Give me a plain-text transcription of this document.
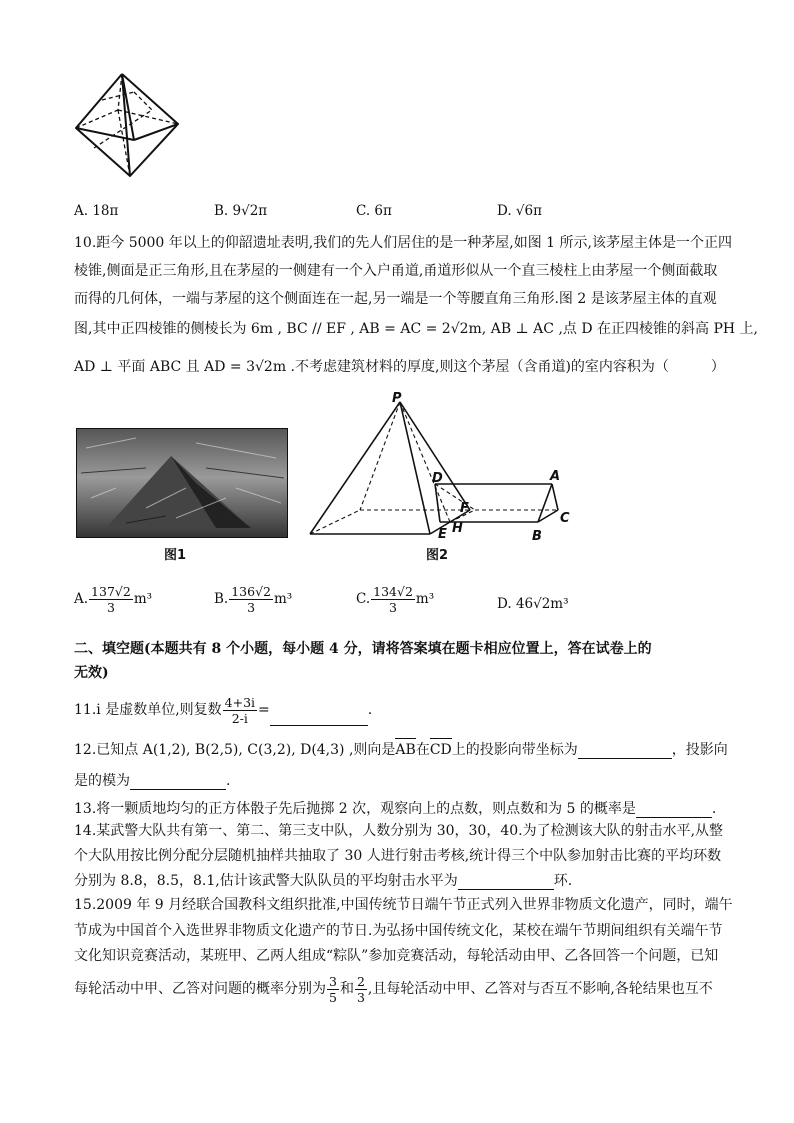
A. 18π	B. 9√2π	C. 6π	D. √6π
10.距今 5000 年以上的仰韶遗址表明,我们的先人们居住的是一种茅屋,如图 1 所示,该茅屋主体是一个正四
棱锥,侧面是正三角形,且在茅屋的一侧建有一个入户甬道,甬道形似从一个直三棱柱上由茅屋一个侧面截取
而得的几何体，一端与茅屋的这个侧面连在一起,另一端是一个等腰直角三角形.图 2 是该茅屋主体的直观
图,其中正四棱锥的侧棱长为 6m , BC // EF , AB = AC = 2√2m, AB ⊥ AC ,点 D 在正四棱锥的斜高 PH 上,
AD ⊥ 平面 ABC 且 AD = 3√2m .不考虑建筑材料的厚度,则这个茅屋（含甬道)的室内容积为（　　　）
图1
P
D	A
F
C
E H
B
图2
A. $\frac{137√2}{3} m^3$	B. $\frac{136√2}{3} m^3$	C. $\frac{134√2}{3} m^3$	D. 46√2m³
二、填空题(本题共有 8 个小题，每小题 4 分，请将答案填在题卡相应位置上，答在试卷上的
无效)
11.i 是虚数单位,则复数 $\frac{4+3i}{2-i}$ =	.
12.已知点 A(1,2), B(2,5), C(3,2), D(4,3) ,则向是AB在CD上的投影向带坐标为	，投影向
是的模为	.
13.将一颗质地均匀的正方体骰子先后抛掷 2 次，观察向上的点数，则点数和为 5 的概率是	.
14.某武警大队共有第一、第二、第三支中队，人数分别为 30，30，40.为了检测该大队的射击水平,从整
个大队用按比例分配分层随机抽样共抽取了 30 人进行射击考核,统计得三个中队参加射击比赛的平均环数
分别为 8.8，8.5，8.1,估计该武警大队队员的平均射击水平为	环.
15.2009 年 9 月经联合国教科文组织批准,中国传统节日端午节正式列入世界非物质文化遗产，同时，端午
节成为中国首个入选世界非物质文化遗产的节日.为弘扬中国传统文化，某校在端午节期间组织有关端午节
文化知识竞赛活动，某班甲、乙两人组成“粽队”参加竞赛活动，每轮活动由甲、乙各回答一个问题，已知
每轮活动中甲、乙答对问题的概率分别为 $\frac{3}{5}$ 和 $\frac{2}{3}$ ,且每轮活动中甲、乙答对与否互不影响,各轮结果也互不
